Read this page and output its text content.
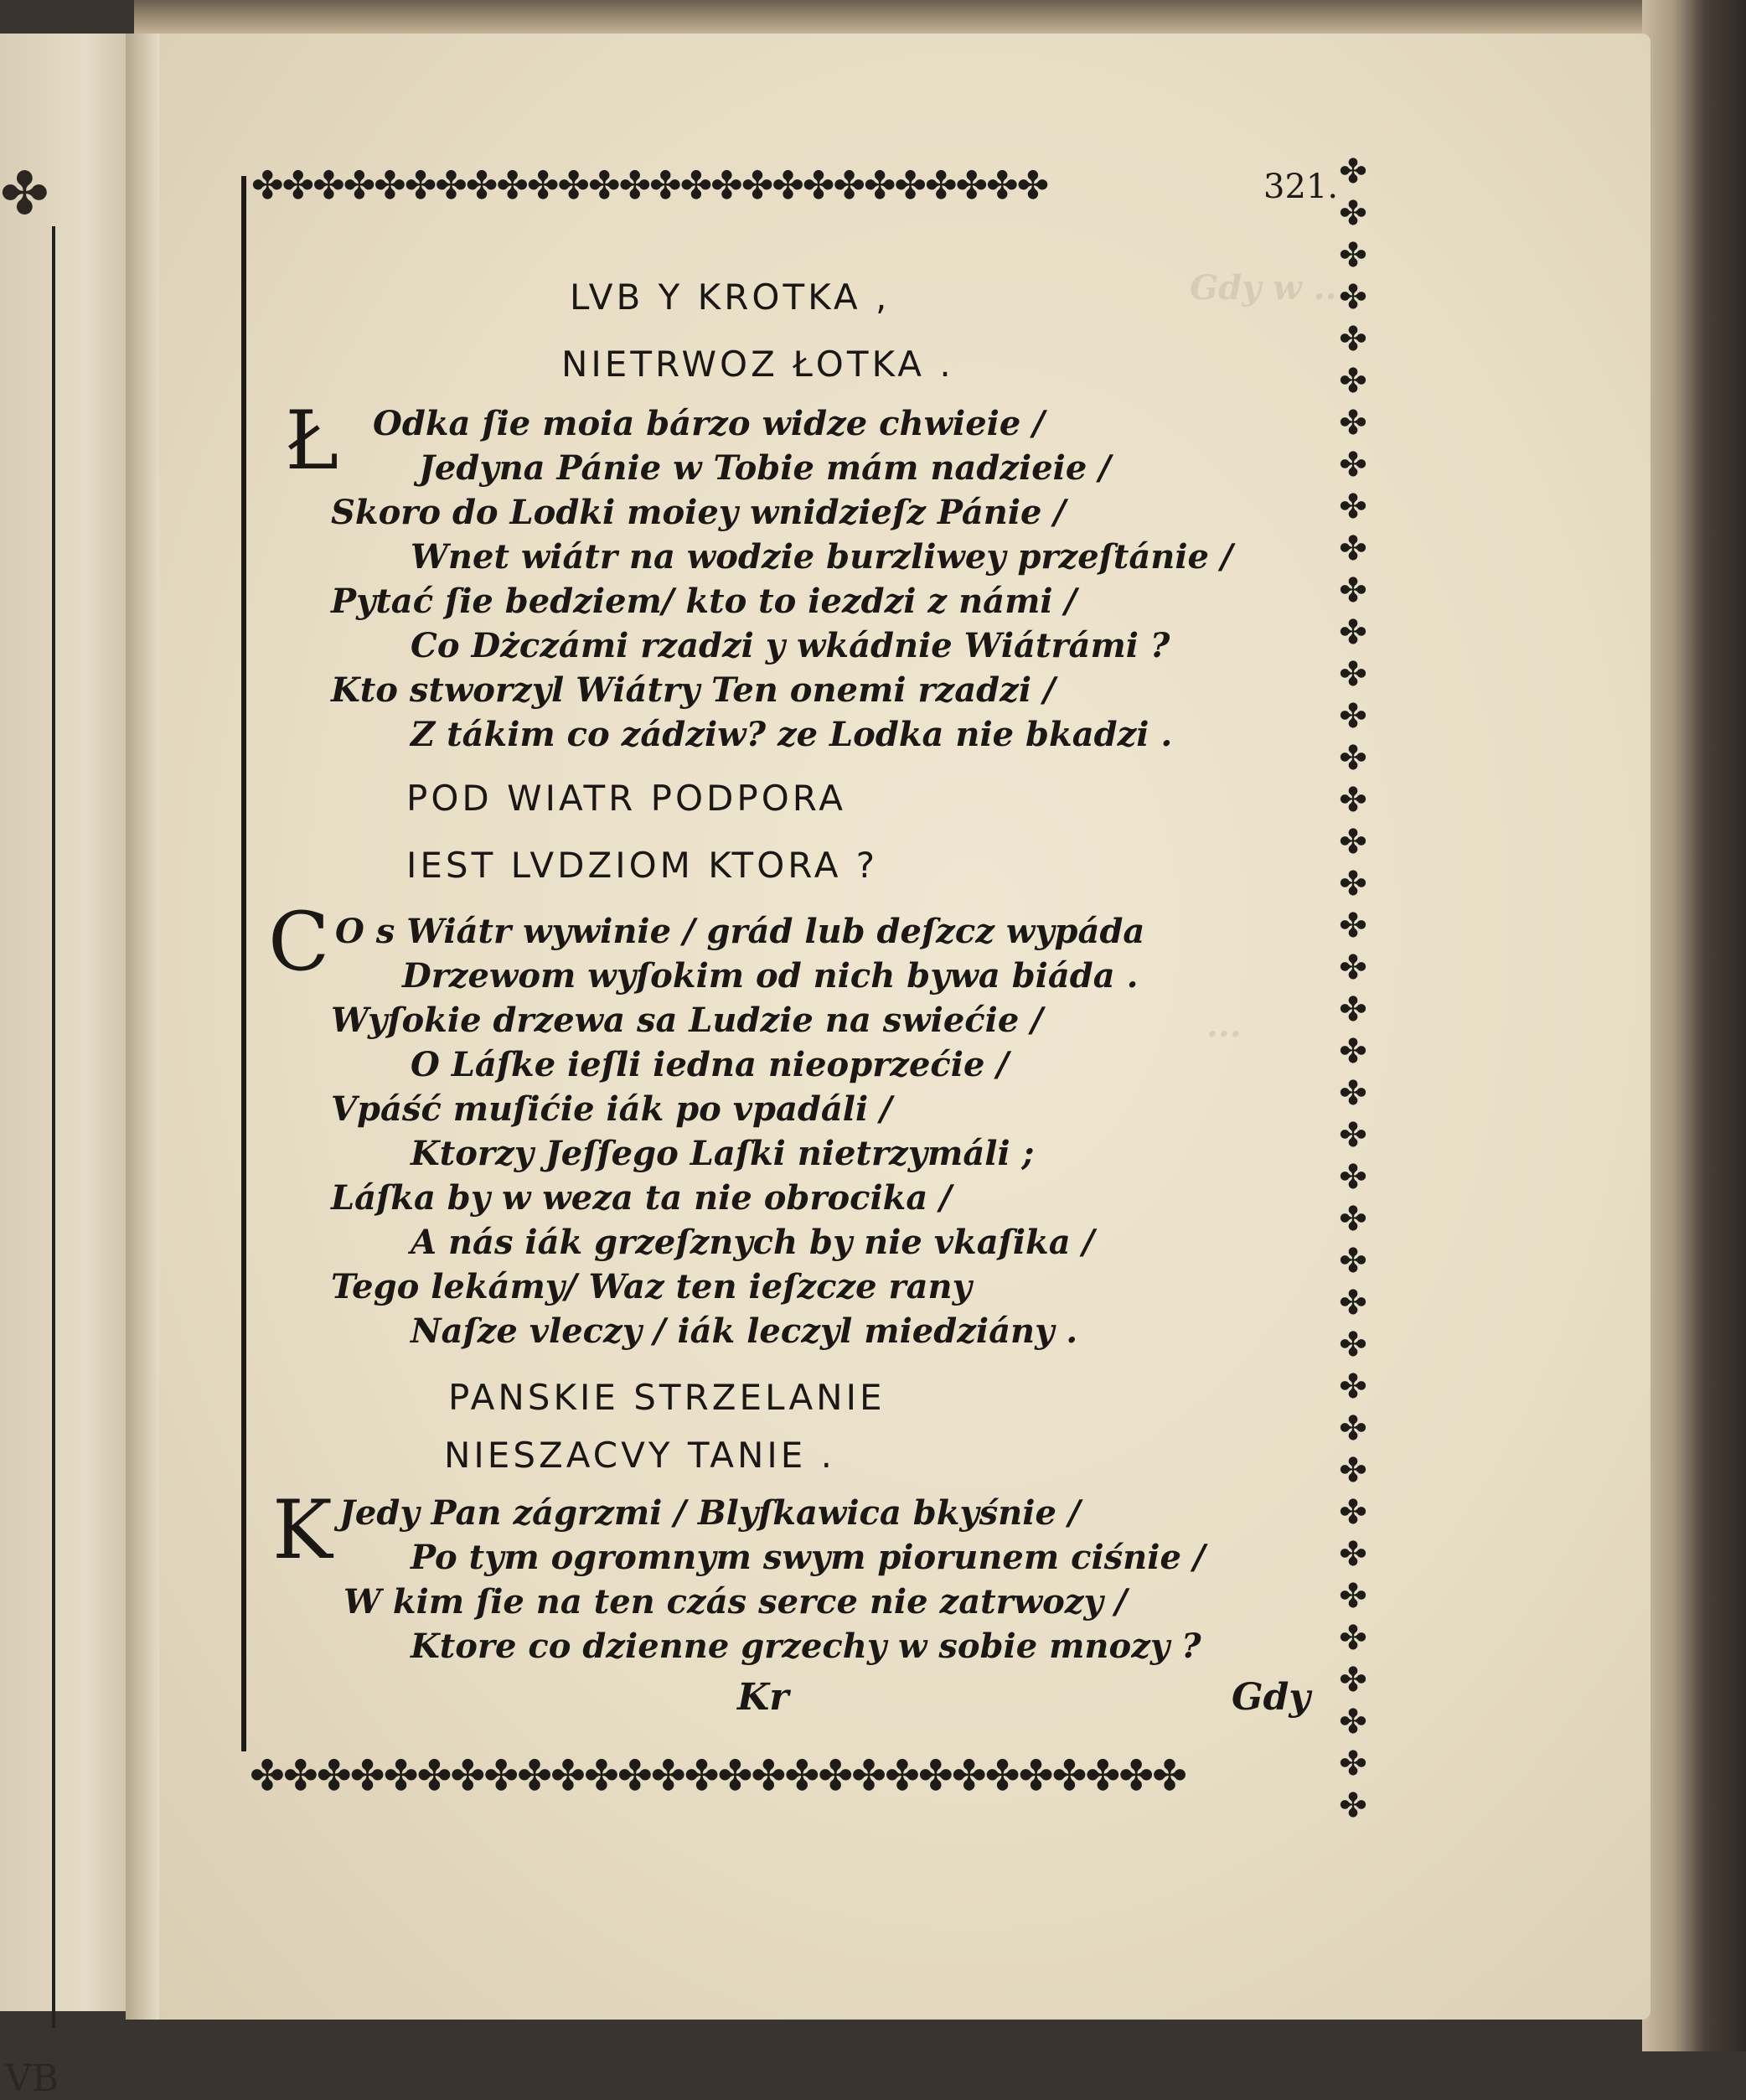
✤
VB
Gdy w ...
...
✤✤✤✤✤✤✤✤✤✤✤✤✤✤✤✤✤✤✤✤✤✤✤✤✤✤	✤
✤
✤
✤
✤
✤
✤
✤
✤
✤
✤
✤
✤
✤
✤
✤
✤
✤
✤
✤
✤
✤
✤
✤
✤
✤
✤
✤
✤
✤
✤
✤
✤
✤
✤
✤
✤
✤
✤
✤
✤✤✤✤✤✤✤✤✤✤✤✤✤✤✤✤✤✤✤✤✤✤✤✤✤✤✤✤
321.
LVB Y KROTKA ,
NIETRWOZ ŁOTKA .
Ł Odka ſie moia bárzo widze chwieie /
Jedyna Pánie w Tobie mám nadzieie /
Skoro do Lodki moiey wnidzieſz Pánie /
Wnet wiátr na wodzie burzliwey przeſtánie /
Pytać ſie bedziem/ kto to iezdzi z námi /
Co Dżczámi rzadzi y wkádnie Wiátrámi ?
Kto stworzyl Wiátry Ten onemi rzadzi /
Z tákim co zádziw? ze Lodka nie bkadzi .
POD WIATR PODPORA
IEST LVDZIOM KTORA ?
C O s Wiátr wywinie / grád lub deſzcz wypáda
Drzewom wyſokim od nich bywa biáda .
Wyſokie drzewa sa Ludzie na swiećie /
O Láſke ieſli iedna nieoprzećie /
Vpáść muſićie iák po vpadáli /
Ktorzy Jeſſego Laſki nietrzymáli ;
Láſka by w weza ta nie obrocika /
A nás iák grzeſznych by nie vkaſika /
Tego lekámy/ Waz ten ieſzcze rany
Naſze vleczy / iák leczyl miedziány .
PANSKIE STRZELANIE
NIESZACVY TANIE .
K Jedy Pan zágrzmi / Blyſkawica bkyśnie /
Po tym ogromnym swym piorunem ciśnie /
W kim ſie na ten czás serce nie zatrwozy /
Ktore co dzienne grzechy w sobie mnozy ?
Kr	Gdy
